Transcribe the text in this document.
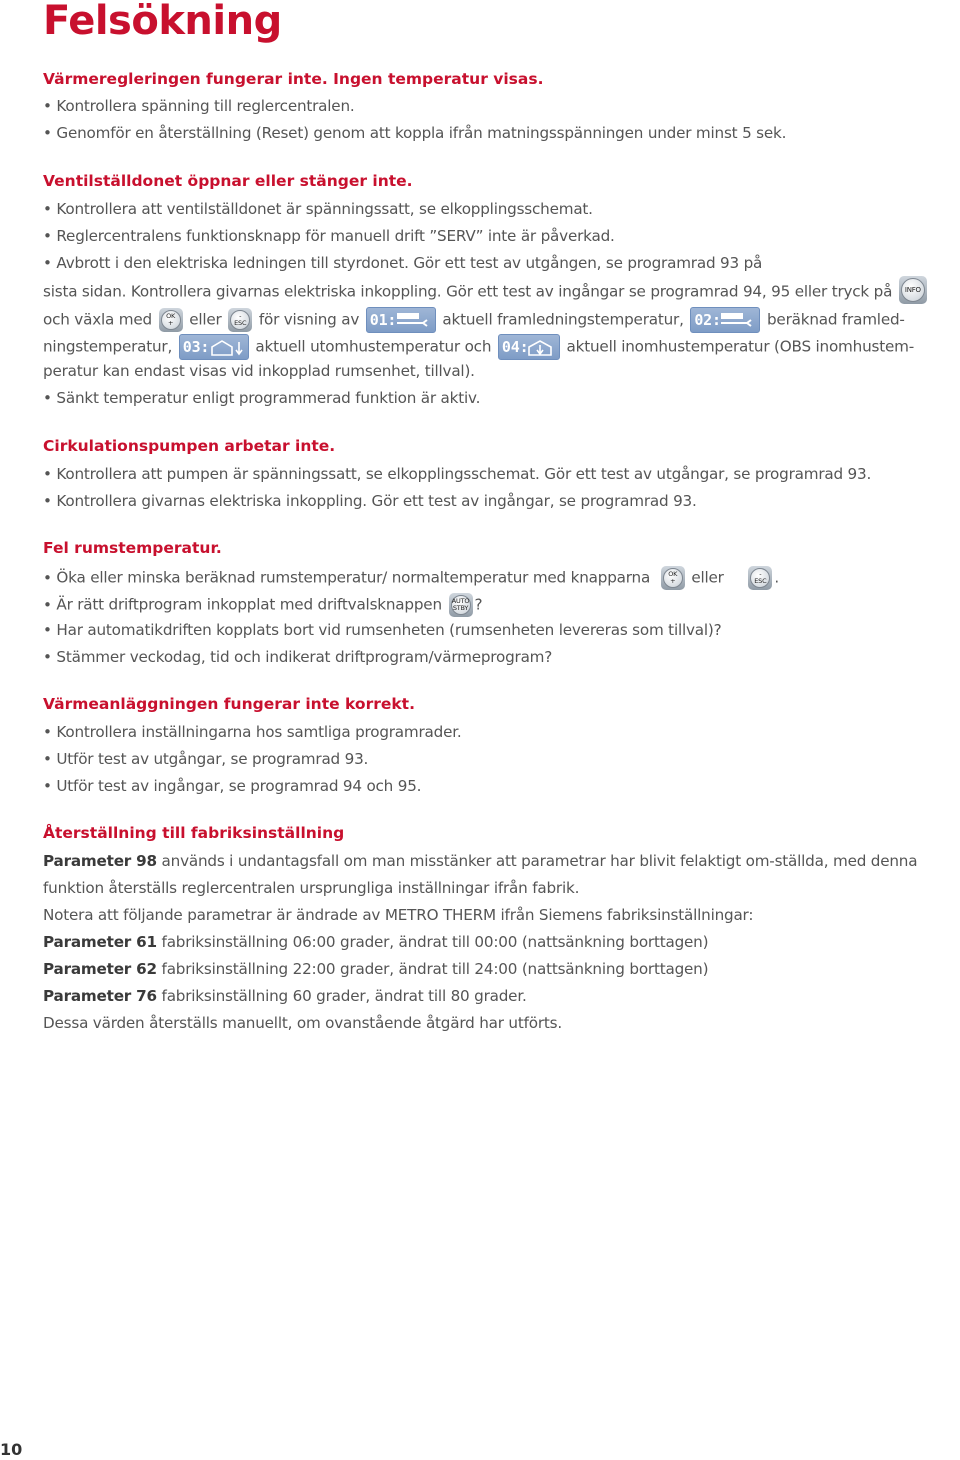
Felsökning

Värmeregleringen fungerar inte. Ingen temperatur visas.

• Kontrollera spänning till reglercentralen.

• Genomför en återställning (Reset) genom att koppla ifrån matningsspänningen under minst 5 sek.

Ventilställdonet öppnar eller stänger inte.

• Kontrollera att ventilställdonet är spänningssatt, se elkopplingsschemat.

• Reglercentralens funktionsknapp för manuell drift ”SERV” inte är påverkad.

• Avbrott i den elektriska ledningen till styrdonet. Gör ett test av utgången, se programrad 93 på

sista sidan. Kontrollera givarnas elektriska inkoppling. Gör ett test av ingångar se programrad 94, 95 eller tryck på	INFO

och växla med OK
+ eller	-
ESC för visning av 01:	aktuell framledningstemperatur, 02:	beräknad framled-

ningstemperatur, 03:	aktuell utomhustemperatur och 04:	aktuell inomhustemperatur (OBS inomhustem-

peratur kan endast visas vid inkopplad rumsenhet, tillval).

• Sänkt temperatur enligt programmerad funktion är aktiv.

Cirkulationspumpen arbetar inte.

• Kontrollera att pumpen är spänningssatt, se elkopplingsschemat. Gör ett test av utgångar, se programrad 93.

• Kontrollera givarnas elektriska inkoppling. Gör ett test av ingångar, se programrad 93.

Fel rumstemperatur.

• Öka eller minska beräknad rumstemperatur/ normaltemperatur med knapparna	OK
+ eller	-
ESC .

• Är rätt driftprogram inkopplat med driftvalsknappen AUTO
STBY ?

• Har automatikdriften kopplats bort vid rumsenheten (rumsenheten levereras som tillval)?

• Stämmer veckodag, tid och indikerat driftprogram/värmeprogram?

Värmeanläggningen fungerar inte korrekt.

• Kontrollera inställningarna hos samtliga programrader.

• Utför test av utgångar, se programrad 93.

• Utför test av ingångar, se programrad 94 och 95.

Återställning till fabriksinställning

Parameter 98 används i undantagsfall om man misstänker att parametrar har blivit felaktigt om-ställda, med denna

funktion återställs reglercentralen ursprungliga inställningar ifrån fabrik.

Notera att följande parametrar är ändrade av METRO THERM ifrån Siemens fabriksinställningar:

Parameter 61 fabriksinställning 06:00 grader, ändrat till 00:00 (nattsänkning borttagen)

Parameter 62 fabriksinställning 22:00 grader, ändrat till 24:00 (nattsänkning borttagen)

Parameter 76 fabriksinställning 60 grader, ändrat till 80 grader.

Dessa värden återställs manuellt, om ovanstående åtgärd har utförts.

10
